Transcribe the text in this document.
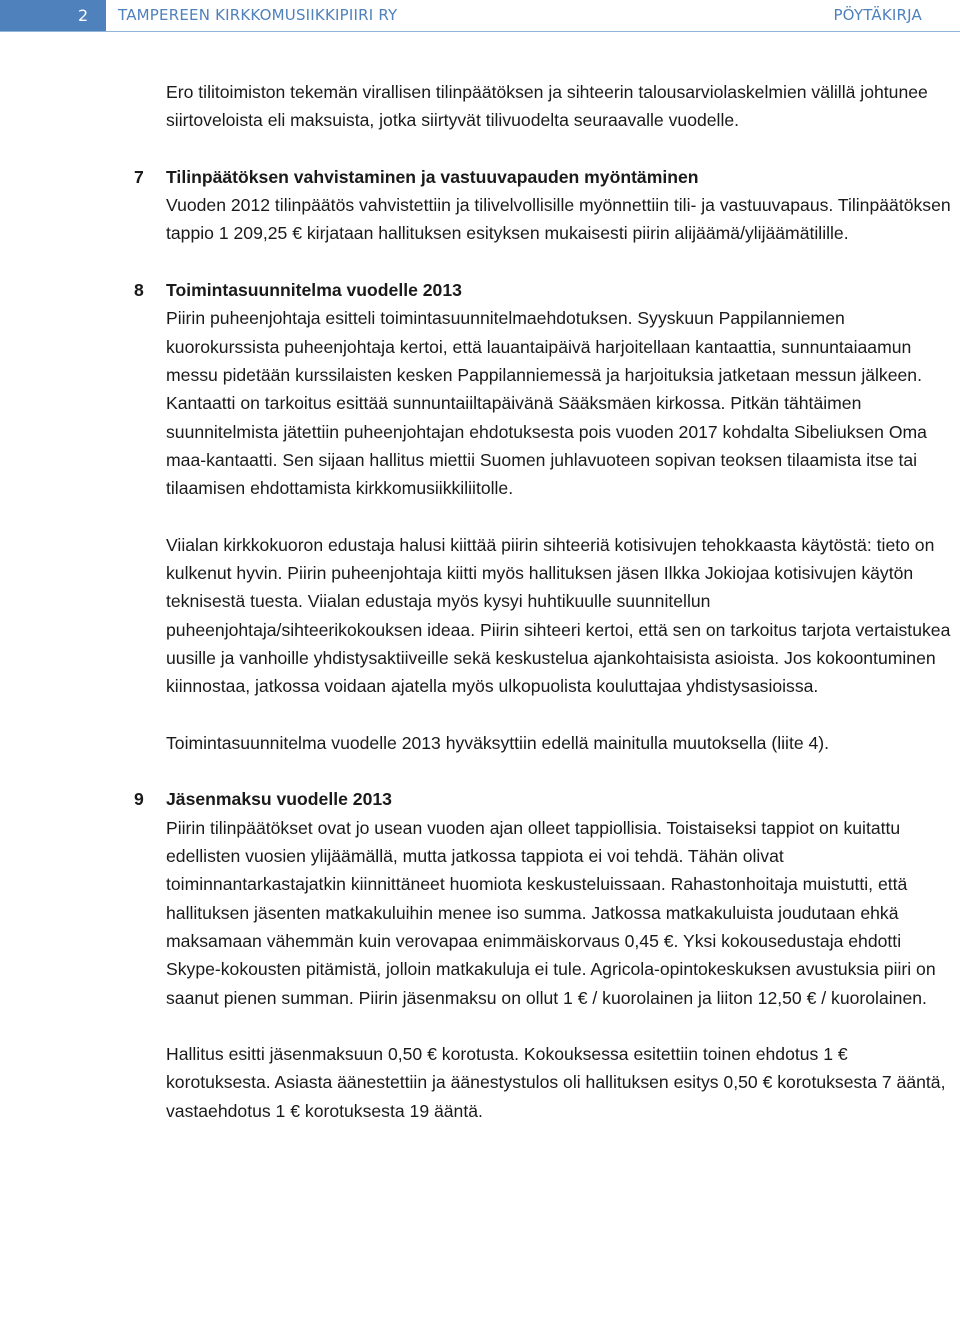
2 TAMPEREEN KIRKKOMUSIIKKIPIIRI RY	PÖYTÄKIRJA

Ero tilitoimiston tekemän virallisen tilinpäätöksen ja sihteerin talousarviolaskelmien välillä johtunee siirtoveloista eli maksuista, jotka siirtyvät tilivuodelta seuraavalle vuodelle.

7 Tilinpäätöksen vahvistaminen ja vastuuvapauden myöntäminen

Vuoden 2012 tilinpäätös vahvistettiin ja tilivelvollisille myönnettiin tili- ja vastuuvapaus. Tilinpäätöksen tappio 1 209,25 € kirjataan hallituksen esityksen mukaisesti piirin alijäämä/ylijäämätilille.

8 Toimintasuunnitelma vuodelle 2013

Piirin puheenjohtaja esitteli toimintasuunnitelmaehdotuksen. Syyskuun Pappilanniemen kuorokurssista puheenjohtaja kertoi, että lauantaipäivä harjoitellaan kantaattia, sunnuntaiaamun messu pidetään kurssilaisten kesken Pappilanniemessä ja harjoituksia jatketaan messun jälkeen. Kantaatti on tarkoitus esittää sunnuntaiiltapäivänä Sääksmäen kirkossa. Pitkän tähtäimen suunnitelmista jätettiin puheenjohtajan ehdotuksesta pois vuoden 2017 kohdalta Sibeliuksen Oma maa-kantaatti. Sen sijaan hallitus miettii Suomen juhlavuoteen sopivan teoksen tilaamista itse tai tilaamisen ehdottamista kirkkomusiikkiliitolle.

Viialan kirkkokuoron edustaja halusi kiittää piirin sihteeriä kotisivujen tehokkaasta käytöstä: tieto on kulkenut hyvin. Piirin puheenjohtaja kiitti myös hallituksen jäsen Ilkka Jokiojaa kotisivujen käytön teknisestä tuesta. Viialan edustaja myös kysyi huhtikuulle suunnitellun puheenjohtaja/sihteerikokouksen ideaa. Piirin sihteeri kertoi, että sen on tarkoitus tarjota vertaistukea uusille ja vanhoille yhdistysaktiiveille sekä keskustelua ajankohtaisista asioista. Jos kokoontuminen kiinnostaa, jatkossa voidaan ajatella myös ulkopuolista kouluttajaa yhdistysasioissa.

Toimintasuunnitelma vuodelle 2013 hyväksyttiin edellä mainitulla muutoksella (liite 4).

9 Jäsenmaksu vuodelle 2013

Piirin tilinpäätökset ovat jo usean vuoden ajan olleet tappiollisia. Toistaiseksi tappiot on kuitattu edellisten vuosien ylijäämällä, mutta jatkossa tappiota ei voi tehdä. Tähän olivat toiminnantarkastajatkin kiinnittäneet huomiota keskusteluissaan. Rahastonhoitaja muistutti, että hallituksen jäsenten matkakuluihin menee iso summa. Jatkossa matkakuluista joudutaan ehkä maksamaan vähemmän kuin verovapaa enimmäiskorvaus 0,45 €. Yksi kokousedustaja ehdotti Skype-kokousten pitämistä, jolloin matkakuluja ei tule. Agricola-opintokeskuksen avustuksia piiri on saanut pienen summan. Piirin jäsenmaksu on ollut 1 € / kuorolainen ja liiton 12,50 € / kuorolainen.

Hallitus esitti jäsenmaksuun 0,50 € korotusta. Kokouksessa esitettiin toinen ehdotus 1 € korotuksesta. Asiasta äänestettiin ja äänestystulos oli hallituksen esitys 0,50 € korotuksesta 7 ääntä, vastaehdotus 1 € korotuksesta 19 ääntä.
